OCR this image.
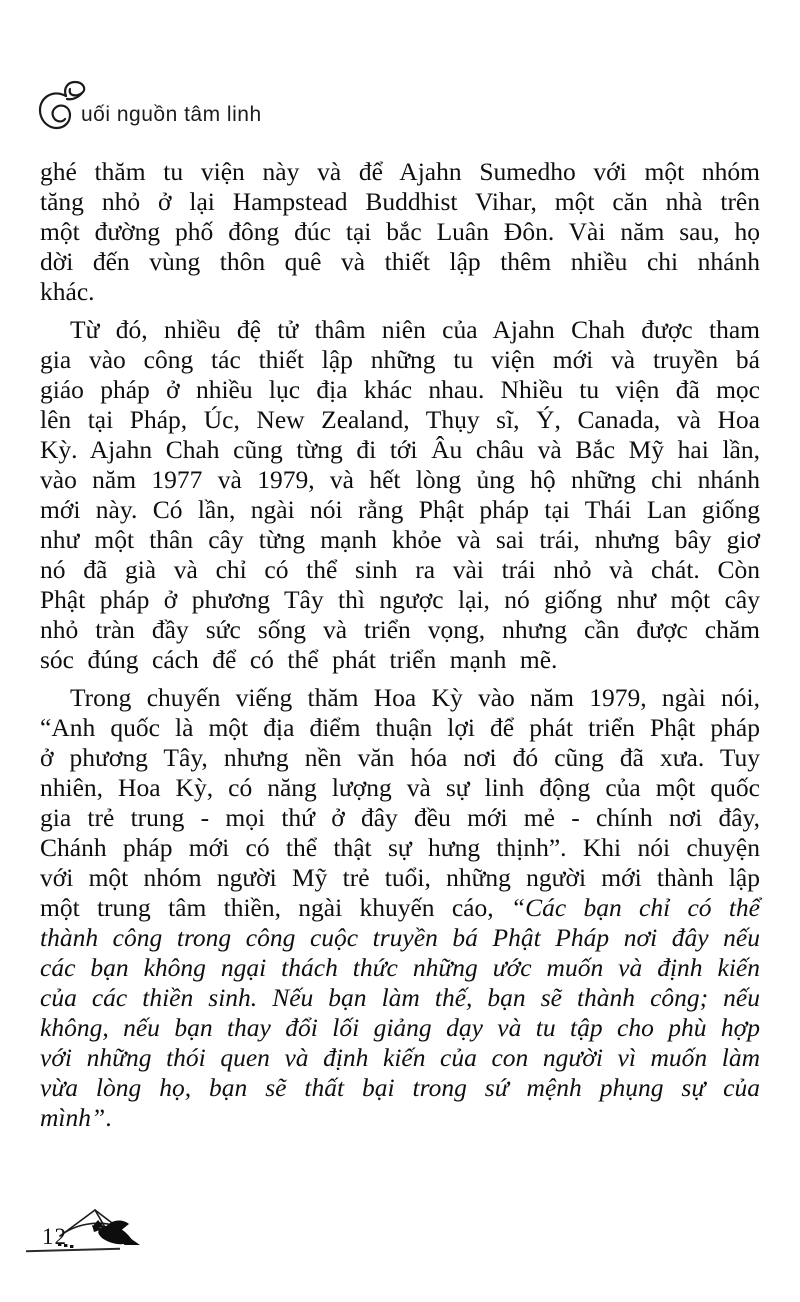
uối nguồn tâm linh

ghé thăm tu viện này và để Ajahn Sumedho với một nhóm tăng nhỏ ở lại Hampstead Buddhist Vihar, một căn nhà trên một đường phố đông đúc tại bắc Luân Đôn. Vài năm sau, họ dời đến vùng thôn quê và thiết lập thêm nhiều chi nhánh khác.

Từ đó, nhiều đệ tử thâm niên của Ajahn Chah được tham gia vào công tác thiết lập những tu viện mới và truyền bá giáo pháp ở nhiều lục địa khác nhau. Nhiều tu viện đã mọc lên tại Pháp, Úc, New Zealand, Thụy sĩ, Ý, Canada, và Hoa Kỳ. Ajahn Chah cũng từng đi tới Âu châu và Bắc Mỹ hai lần, vào năm 1977 và 1979, và hết lòng ủng hộ những chi nhánh mới này. Có lần, ngài nói rằng Phật pháp tại Thái Lan giống như một thân cây từng mạnh khỏe và sai trái, nhưng bây giơ nó đã già và chỉ có thể sinh ra vài trái nhỏ và chát. Còn Phật pháp ở phương Tây thì ngược lại, nó giống như một cây nhỏ tràn đầy sức sống và triển vọng, nhưng cần được chăm sóc đúng cách để có thể phát triển mạnh mẽ.

Trong chuyến viếng thăm Hoa Kỳ vào năm 1979, ngài nói, “Anh quốc là một địa điểm thuận lợi để phát triển Phật pháp ở phương Tây, nhưng nền văn hóa nơi đó cũng đã xưa. Tuy nhiên, Hoa Kỳ, có năng lượng và sự linh động của một quốc gia trẻ trung - mọi thứ ở đây đều mới mẻ - chính nơi đây, Chánh pháp mới có thể thật sự hưng thịnh”. Khi nói chuyện với một nhóm người Mỹ trẻ tuổi, những người mới thành lập một trung tâm thiền, ngài khuyến cáo, “Các bạn chỉ có thể thành công trong công cuộc truyền bá Phật Pháp nơi đây nếu các bạn không ngại thách thức những ước muốn và định kiến của các thiền sinh. Nếu bạn làm thế, bạn sẽ thành công; nếu không, nếu bạn thay đổi lối giảng dạy và tu tập cho phù hợp với những thói quen và định kiến của con người vì muốn làm vừa lòng họ, bạn sẽ thất bại trong sứ mệnh phụng sự của mình”.

12
